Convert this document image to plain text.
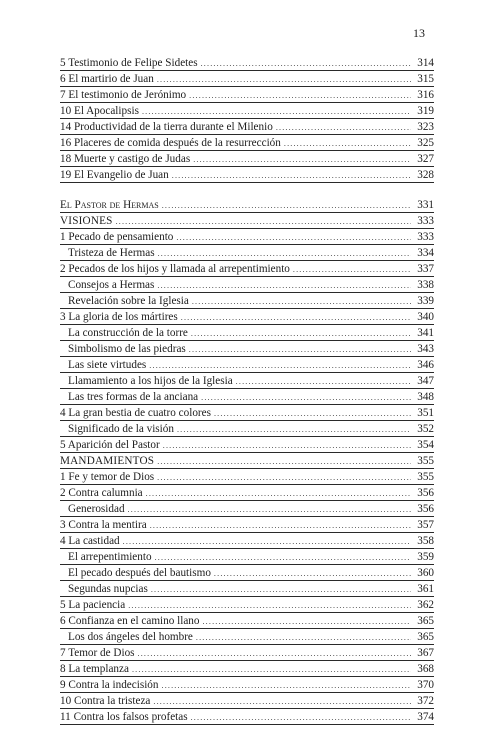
13
5 Testimonio de Felipe Sidetes .....	314
6 El martirio de Juan .....	315
7 El testimonio de Jerónimo .....	316
10 El Apocalipsis .....	319
14 Productividad de la tierra durante el Milenio .....	323
16 Placeres de comida después de la resurrección .....	325
18 Muerte y castigo de Judas .....	327
19 El Evangelio de Juan .....	328
El Pastor de Hermas .....	331
VISIONES .....	333
1 Pecado de pensamiento .....	333
Tristeza de Hermas .....	334
2 Pecados de los hijos y llamada al arrepentimiento .....	337
Consejos a Hermas .....	338
Revelación sobre la Iglesia .....	339
3 La gloria de los mártires .....	340
La construcción de la torre .....	341
Simbolismo de las piedras .....	343
Las siete virtudes .....	346
Llamamiento a los hijos de la Iglesia .....	347
Las tres formas de la anciana .....	348
4 La gran bestia de cuatro colores .....	351
Significado de la visión .....	352
5 Aparición del Pastor .....	354
MANDAMIENTOS .....	355
1 Fe y temor de Dios .....	355
2 Contra calumnia .....	356
Generosidad .....	356
3 Contra la mentira .....	357
4 La castidad .....	358
El arrepentimiento .....	359
El pecado después del bautismo .....	360
Segundas nupcias .....	361
5 La paciencia .....	362
6 Confianza en el camino llano .....	365
Los dos ángeles del hombre .....	365
7 Temor de Dios .....	367
8 La templanza .....	368
9 Contra la indecisión .....	370
10 Contra la tristeza .....	372
11 Contra los falsos profetas .....	374
